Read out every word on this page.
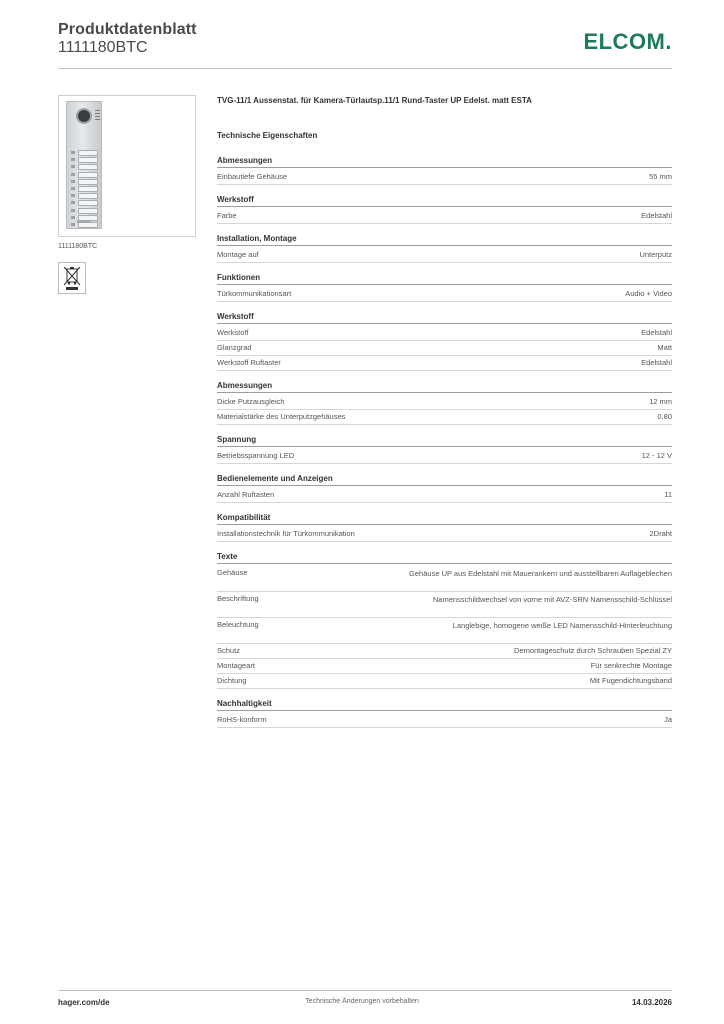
Produktdatenblatt
1111180BTC	ELCOM.
1111180BTC
TVG-11/1 Aussenstat. für Kamera-Türlautsp.11/1 Rund-Taster UP Edelst. matt ESTA
Technische Eigenschaften
Abmessungen
Einbautiefe Gehäuse	55 mm
Werkstoff
Farbe	Edelstahl
Installation, Montage
Montage auf	Unterputz
Funktionen
Türkommunikationsart	Audio + Video
Werkstoff
Werkstoff	Edelstahl
Glanzgrad	Matt
Werkstoff Ruftaster	Edelstahl
Abmessungen
Dicke Putzausgleich	12 mm
Materialstärke des Unterputzgehäuses	0,80
Spannung
Betriebsspannung LED	12 - 12 V
Bedienelemente und Anzeigen
Anzahl Ruftasten	11
Kompatibilität
Installationstechnik für Türkommunikation	2Draht
Texte
Gehäuse	Gehäuse UP aus Edelstahl mit Mauerankern und ausstellbaren Auflageblechen
Beschriftung	Namensschildwechsel von vorne mit AVZ-SRN Namensschild-Schlüssel
Beleuchtung	Langlebige, homogene weiße LED Namensschild-Hinterleuchtung
Schutz	Demontageschutz durch Schrauben Spezial ZY
Montageart	Für senkrechte Montage
Dichtung	Mit Fugendichtungsband
Nachhaltigkeit
RoHS-konform	Ja
hager.com/de	Technische Änderungen vorbehalten	14.03.2026
